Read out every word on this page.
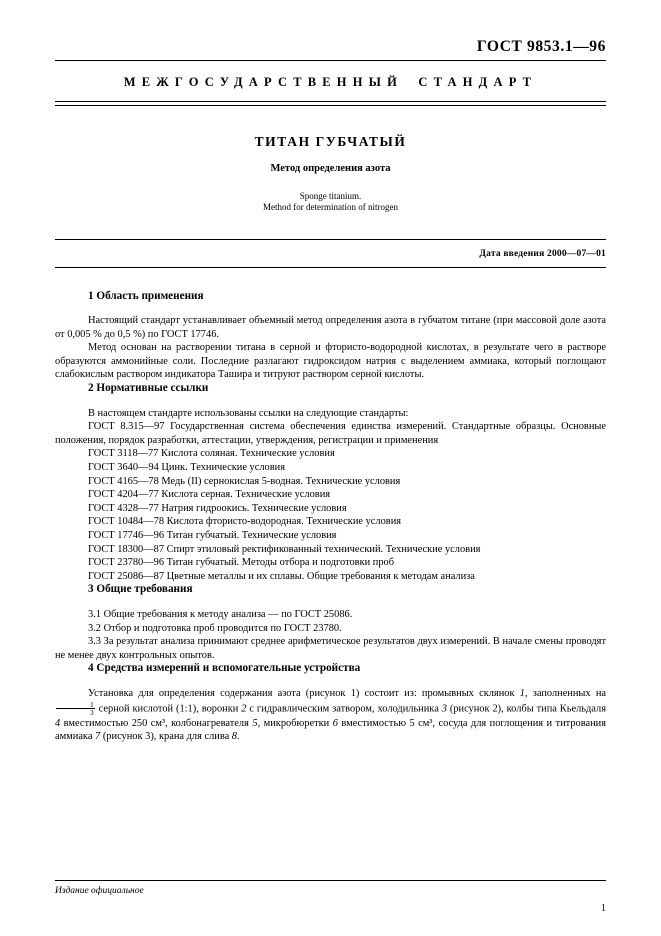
ГОСТ 9853.1—96
МЕЖГОСУДАРСТВЕННЫЙ СТАНДАРТ
ТИТАН ГУБЧАТЫЙ
Метод определения азота
Sponge titanium.
Method for determination of nitrogen
Дата введения 2000—07—01
1 Область применения

Настоящий стандарт устанавливает объемный метод определения азота в губчатом титане (при массовой доле азота от 0,005 % до 0,5 %) по ГОСТ 17746.

Метод основан на растворении титана в серной и фтористо-водородной кислотах, в результате чего в растворе образуются аммонийные соли. Последние разлагают гидроксидом натрия с выделением аммиака, который поглощают слабокислым раствором индикатора Ташира и титруют раствором серной кислоты.

2 Нормативные ссылки

В настоящем стандарте использованы ссылки на следующие стандарты:

ГОСТ 8.315—97 Государственная система обеспечения единства измерений. Стандартные образцы. Основные положения, порядок разработки, аттестации, утверждения, регистрации и применения

ГОСТ 3118—77 Кислота соляная. Технические условия

ГОСТ 3640—94 Цинк. Технические условия

ГОСТ 4165—78 Медь (II) сернокислая 5-водная. Технические условия

ГОСТ 4204—77 Кислота серная. Технические условия

ГОСТ 4328—77 Натрия гидроокись. Технические условия

ГОСТ 10484—78 Кислота фтористо-водородная. Технические условия

ГОСТ 17746—96 Титан губчатый. Технические условия

ГОСТ 18300—87 Спирт этиловый ректификованный технический. Технические условия

ГОСТ 23780—96 Титан губчатый. Методы отбора и подготовки проб

ГОСТ 25086—87 Цветные металлы и их сплавы. Общие требования к методам анализа

3 Общие требования

3.1 Общие требования к методу анализа — по ГОСТ 25086.

3.2 Отбор и подготовка проб проводится по ГОСТ 23780.

3.3 За результат анализа принимают среднее арифметическое результатов двух измерений. В начале смены проводят не менее двух контрольных опытов.

4 Средства измерений и вспомогательные устройства

Установка для определения содержания азота (рисунок 1) состоит из: промывных склянок 1, заполненных на
$\frac{1}{3}$ серной кислотой (1:1), воронки 2 с гидравлическим затвором, холодильника 3 (рисунок 2), колбы типа Кьельдаля 4 вместимостью 250 см³, колбонагревателя 5, микробюретки 6 вместимостью 5 см³, сосуда для поглощения и титрования аммиака 7 (рисунок 3), крана для слива 8.

Издание официальное
1
